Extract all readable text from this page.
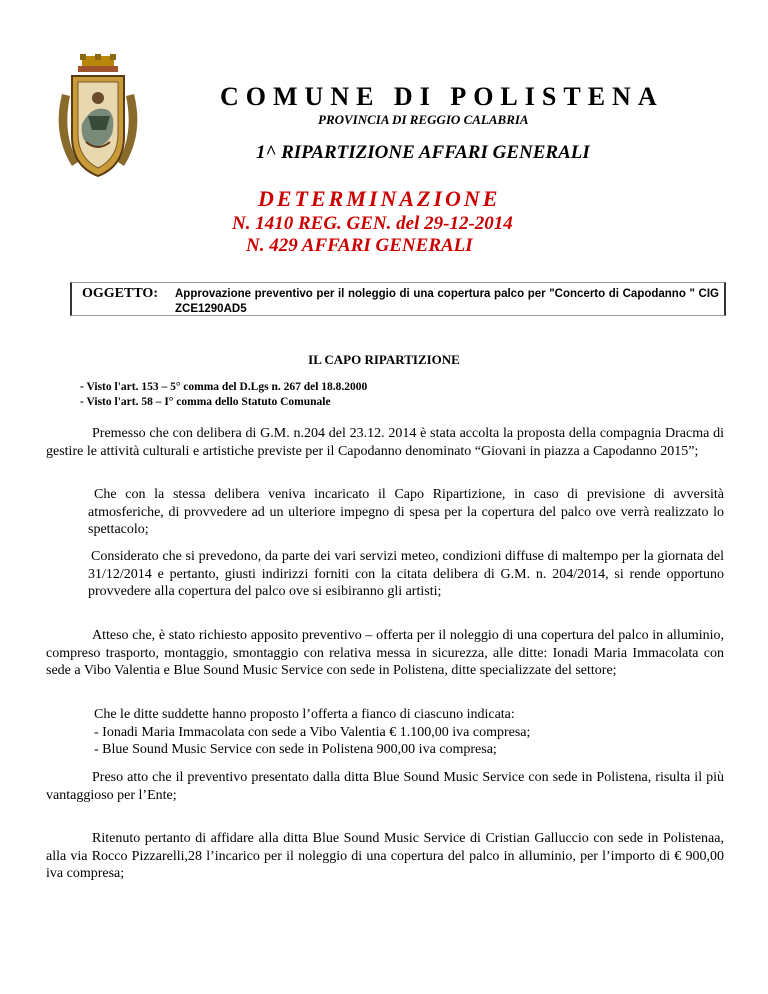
COMUNE DI POLISTENA
PROVINCIA DI REGGIO CALABRIA
1^ RIPARTIZIONE AFFARI GENERALI
DETERMINAZIONE
N. 1410 REG. GEN. del 29-12-2014
N. 429 AFFARI GENERALI
OGGETTO: Approvazione preventivo per il noleggio di una copertura palco per "Concerto di Capodanno " CIG ZCE1290AD5
IL CAPO RIPARTIZIONE
- Visto l'art. 153 – 5° comma del D.Lgs n. 267 del 18.8.2000
- Visto l'art. 58 – I° comma dello Statuto Comunale
Premesso che con delibera di G.M. n.204 del 23.12. 2014 è stata accolta la proposta della compagnia Dracma di gestire le attività culturali e artistiche previste per il Capodanno denominato “Giovani in piazza a Capodanno 2015”;
Che con la stessa delibera veniva incaricato il Capo Ripartizione, in caso di previsione di avversità atmosferiche, di provvedere ad un ulteriore impegno di spesa per la copertura del palco ove verrà realizzato lo spettacolo;
Considerato che si prevedono, da parte dei vari servizi meteo, condizioni diffuse di maltempo per la giornata del 31/12/2014 e pertanto, giusti indirizzi forniti con la citata delibera di G.M. n. 204/2014, si rende opportuno provvedere alla copertura del palco ove si esibiranno gli artisti;
Atteso che, è stato richiesto apposito preventivo – offerta per il noleggio di una copertura del palco in alluminio, compreso trasporto, montaggio, smontaggio con relativa messa in sicurezza, alle ditte: Ionadi Maria Immacolata con sede a Vibo Valentia e Blue Sound Music Service con sede in Polistena, ditte specializzate del settore;
Che le ditte suddette hanno proposto l’offerta a fianco di ciascuno indicata:
- Ionadi Maria Immacolata con sede a Vibo Valentia € 1.100,00 iva compresa;
- Blue Sound Music Service con sede in Polistena 900,00 iva compresa;
Preso atto che il preventivo presentato dalla ditta Blue Sound Music Service con sede in Polistena, risulta il più vantaggioso per l’Ente;
Ritenuto pertanto di affidare alla ditta Blue Sound Music Service di Cristian Galluccio con sede in Polistenaa, alla via Rocco Pizzarelli,28 l’incarico per il noleggio di una copertura del palco in alluminio, per l’importo di € 900,00 iva compresa;
